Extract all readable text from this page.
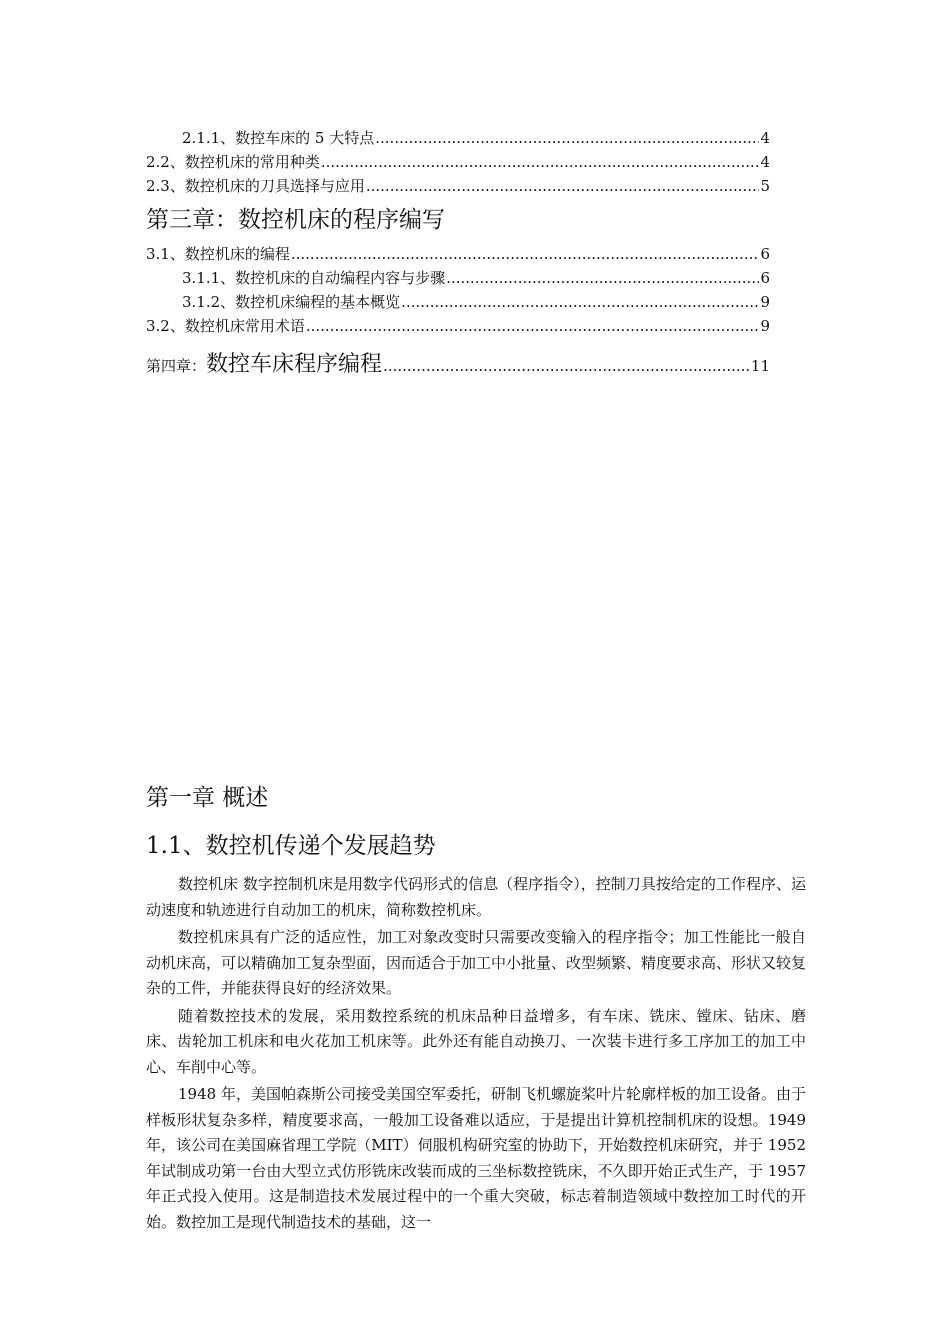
2.1.1、数控车床的 5 大特点 .....	4
2.2、数控机床的常用种类 .....	4
2.3、数控机床的刀具选择与应用 .....	5
第三章：数控机床的程序编写
3.1、数控机床的编程 .....	6
3.1.1、数控机床的自动编程内容与步骤 .....	6
3.1.2、数控机床编程的基本概览 .....	9
3.2、数控机床常用术语 .....	9
第四章： 数控车床程序编程 .....	11
第一章 概述
1.1、数控机传递个发展趋势

数控机床 数字控制机床是用数字代码形式的信息（程序指令），控制刀具按给定的工作程序、运动速度和轨迹进行自动加工的机床，简称数控机床。

数控机床具有广泛的适应性，加工对象改变时只需要改变输入的程序指令；加工性能比一般自动机床高，可以精确加工复杂型面，因而适合于加工中小批量、改型频繁、精度要求高、形状又较复杂的工件，并能获得良好的经济效果。

随着数控技术的发展，采用数控系统的机床品种日益增多，有车床、铣床、镗床、钻床、磨床、齿轮加工机床和电火花加工机床等。此外还有能自动换刀、一次装卡进行多工序加工的加工中心、车削中心等。

1948 年，美国帕森斯公司接受美国空军委托，研制飞机螺旋桨叶片轮廓样板的加工设备。由于样板形状复杂多样，精度要求高，一般加工设备难以适应，于是提出计算机控制机床的设想。1949 年，该公司在美国麻省理工学院（MIT）伺服机构研究室的协助下，开始数控机床研究，并于 1952 年试制成功第一台由大型立式仿形铣床改装而成的三坐标数控铣床，不久即开始正式生产，于 1957 年正式投入使用。这是制造技术发展过程中的一个重大突破，标志着制造领域中数控加工时代的开始。数控加工是现代制造技术的基础，这一
